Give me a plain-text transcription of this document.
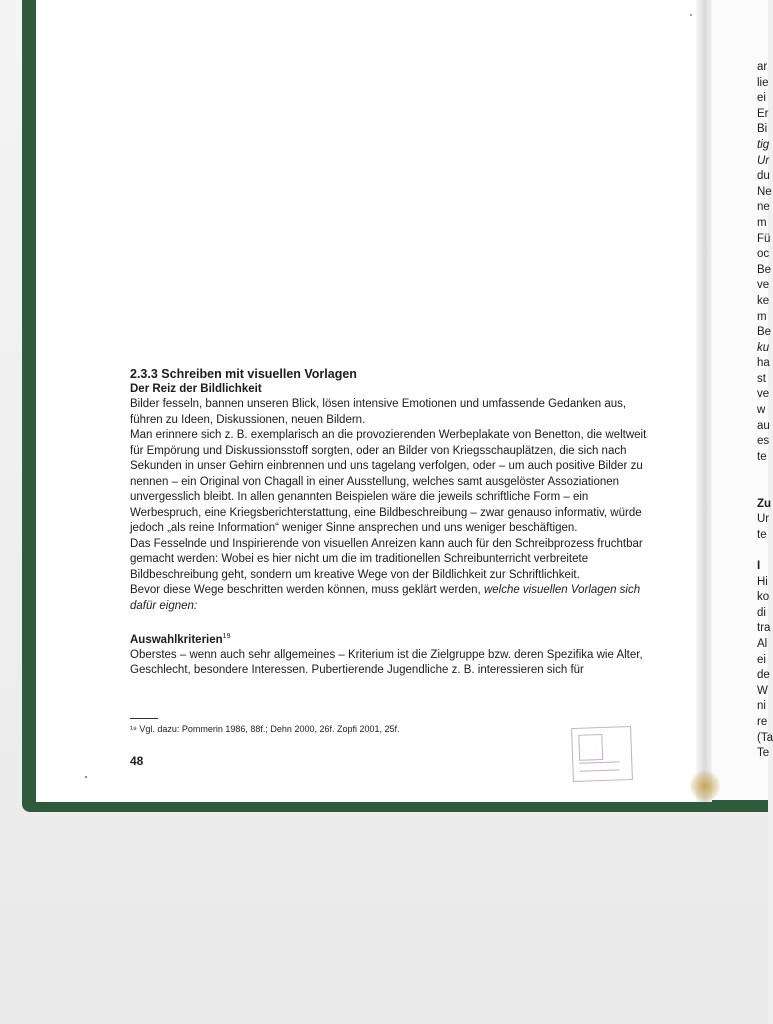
2.3.3 Schreiben mit visuellen Vorlagen

Der Reiz der Bildlichkeit

Bilder fesseln, bannen unseren Blick, lösen intensive Emotionen und umfassende Gedanken aus, führen zu Ideen, Diskussionen, neuen Bildern.

Man erinnere sich z. B. exemplarisch an die provozierenden Werbeplakate von Benetton, die weltweit für Empörung und Diskussionsstoff sorgten, oder an Bilder von Kriegsschauplätzen, die sich nach Sekunden in unser Gehirn einbrennen und uns tagelang verfolgen, oder – um auch positive Bilder zu nennen – ein Original von Chagall in einer Ausstellung, welches samt ausgelöster Assoziationen unvergesslich bleibt. In allen genannten Beispielen wäre die jeweils schriftliche Form – ein Werbespruch, eine Kriegsberichterstattung, eine Bildbeschreibung – zwar genauso informativ, würde jedoch „als reine Information“ weniger Sinne ansprechen und uns weniger beschäftigen.

Das Fesselnde und Inspirierende von visuellen Anreizen kann auch für den Schreibprozess fruchtbar gemacht werden: Wobei es hier nicht um die im traditionellen Schreibunterricht verbreitete Bildbeschreibung geht, sondern um kreative Wege von der Bildlichkeit zur Schriftlichkeit.

Bevor diese Wege beschritten werden können, muss geklärt werden, welche visuellen Vorlagen sich dafür eignen:

Auswahlkriterien$^{19}$

Oberstes – wenn auch sehr allgemeines – Kriterium ist die Zielgruppe bzw. deren Spezifika wie Alter, Geschlecht, besondere Interessen. Pubertierende Jugendliche z. B. interessieren sich für

¹⁹ Vgl. dazu: Pommerin 1986, 88f.; Dehn 2000, 26f. Zopfi 2001, 25f.
48
ar
lie
ei
Er
Bi
tig
Ur
du
Ne
ne
m
Fü
oc
Be
ve
ke
m
Be
ku
ha
st
ve
w
au
es
te
Zu
Ur
te
I
Hi
ko
di
tra
Al
ei
de
W
ni
re
(Ta
Te
